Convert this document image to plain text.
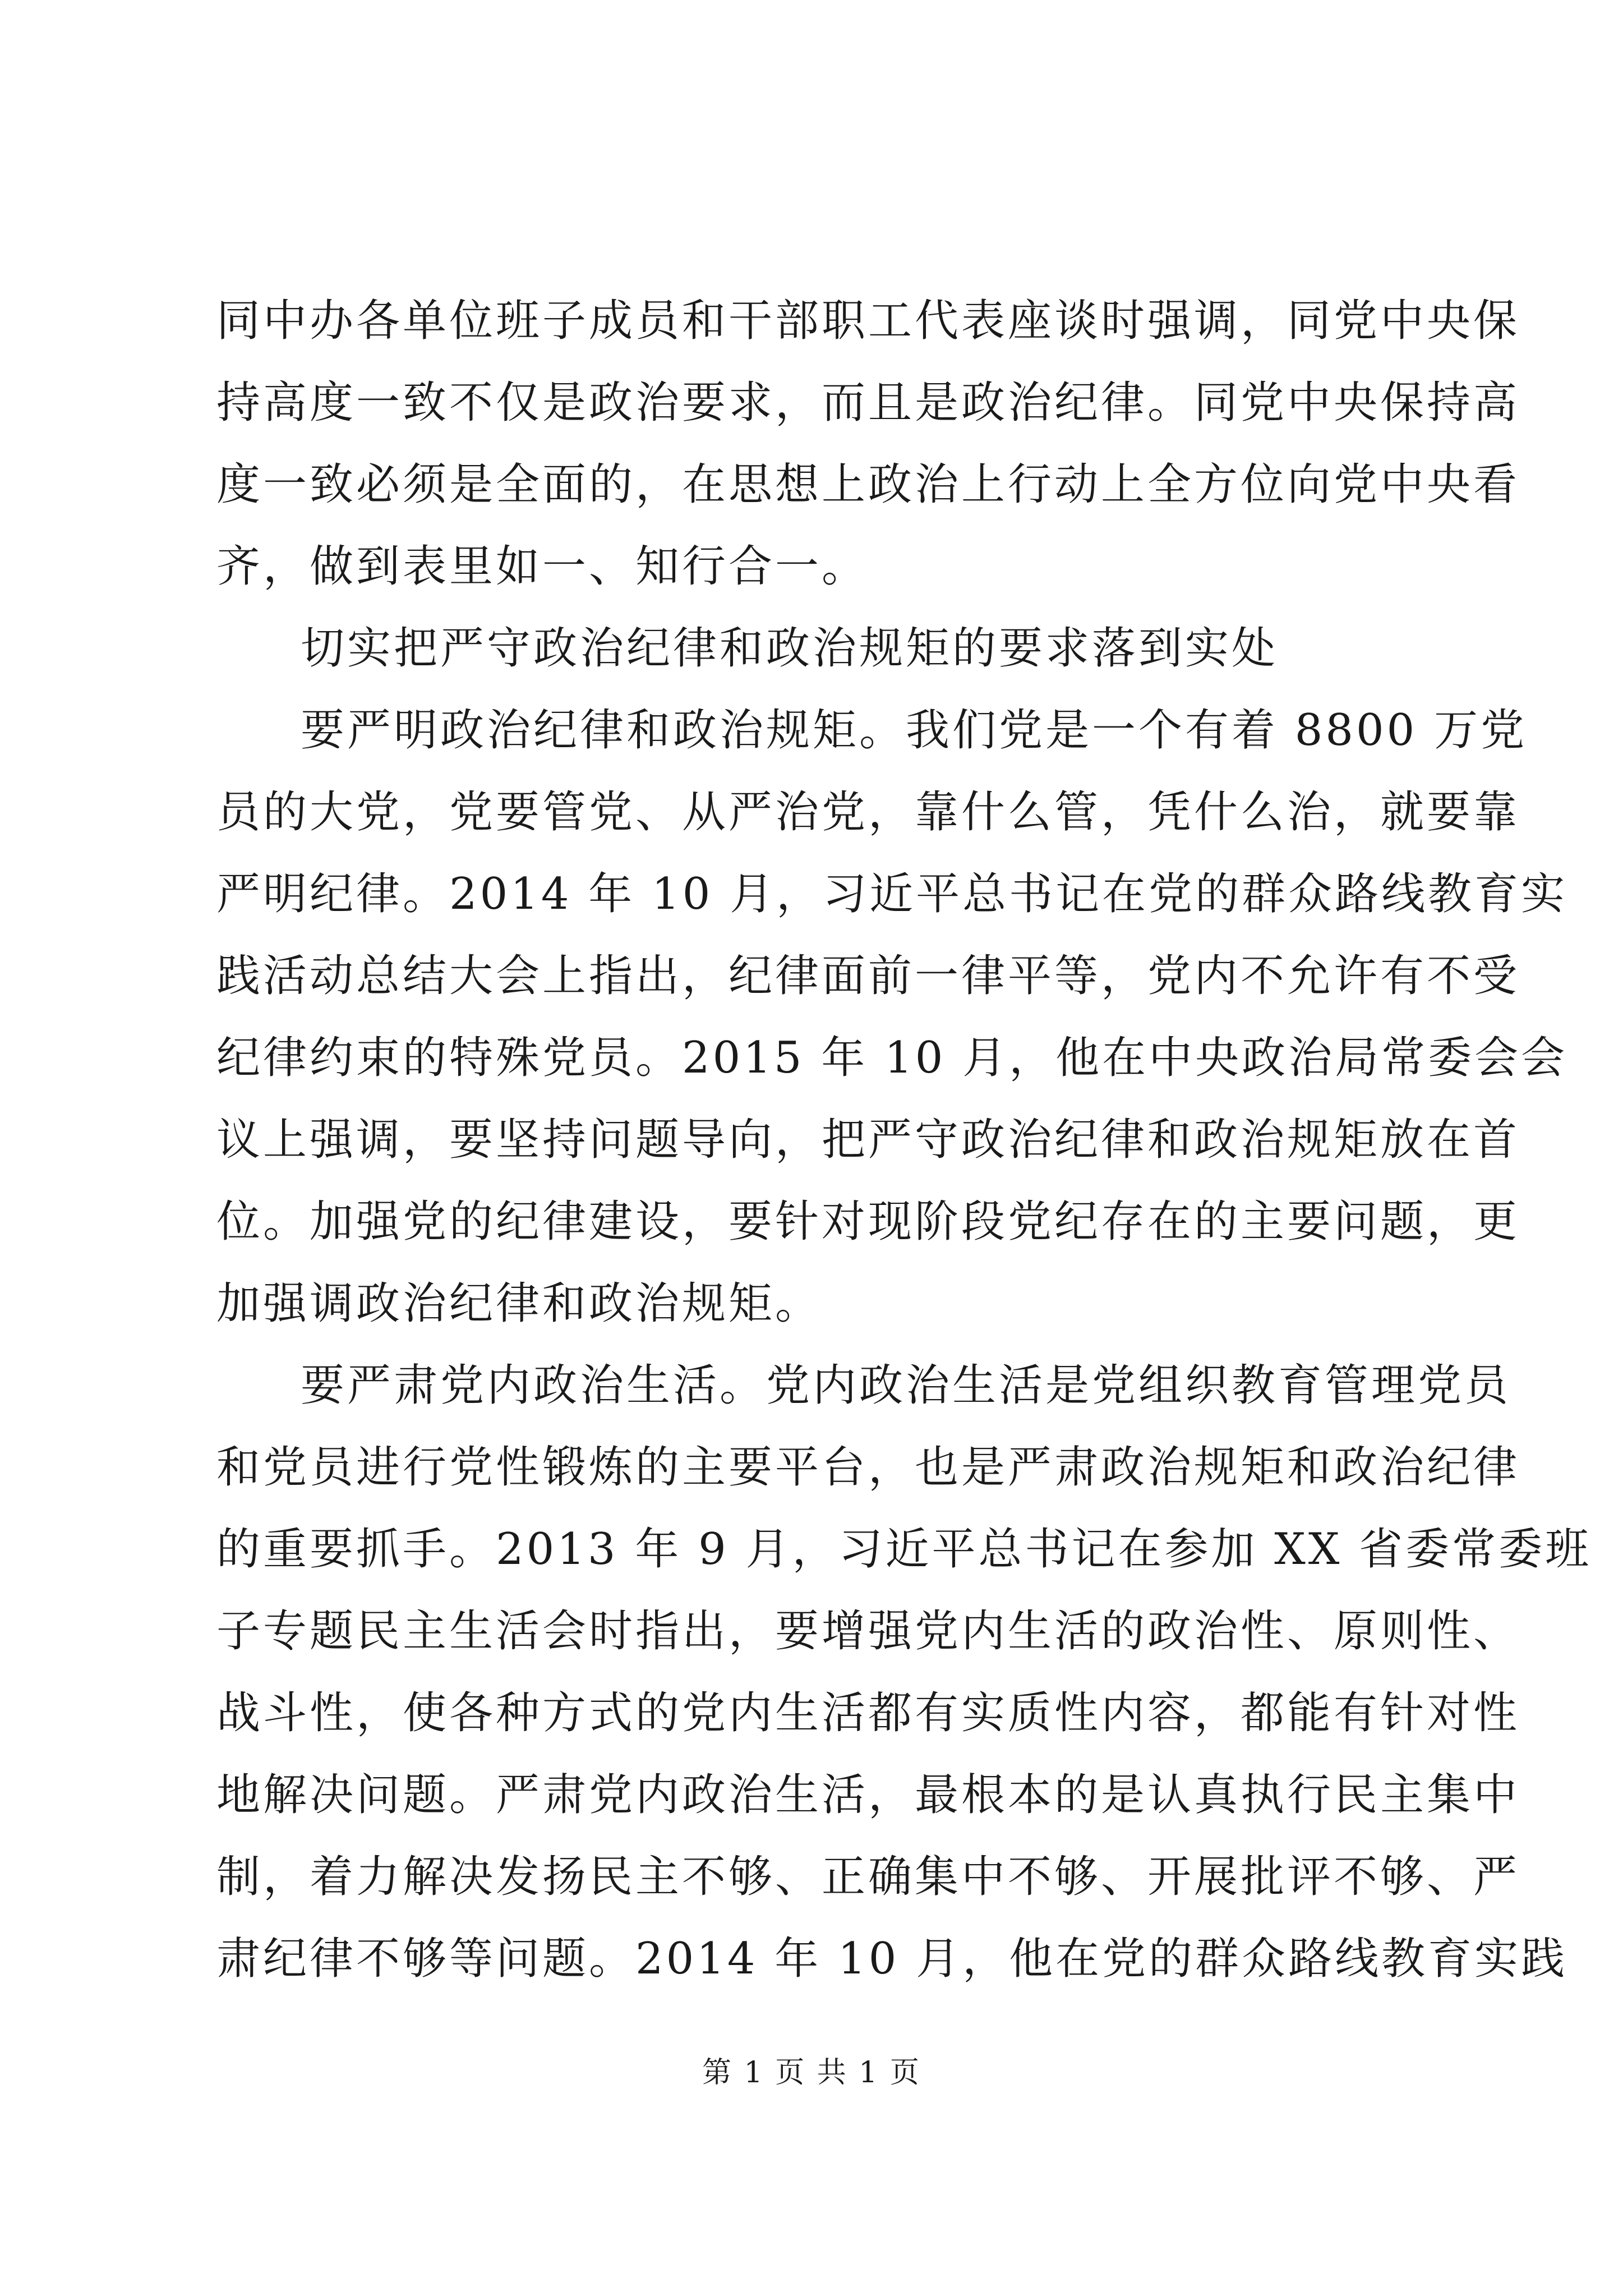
同中办各单位班子成员和干部职工代表座谈时强调，同党中央保
持高度一致不仅是政治要求，而且是政治纪律。同党中央保持高
度一致必须是全面的，在思想上政治上行动上全方位向党中央看
齐，做到表里如一、知行合一。
切实把严守政治纪律和政治规矩的要求落到实处
要严明政治纪律和政治规矩。我们党是一个有着 8800 万党
员的大党，党要管党、从严治党，靠什么管，凭什么治，就要靠
严明纪律。2014 年 10 月，习近平总书记在党的群众路线教育实
践活动总结大会上指出，纪律面前一律平等，党内不允许有不受
纪律约束的特殊党员。2015 年 10 月，他在中央政治局常委会会
议上强调，要坚持问题导向，把严守政治纪律和政治规矩放在首
位。加强党的纪律建设，要针对现阶段党纪存在的主要问题，更
加强调政治纪律和政治规矩。
要严肃党内政治生活。党内政治生活是党组织教育管理党员
和党员进行党性锻炼的主要平台，也是严肃政治规矩和政治纪律
的重要抓手。2013 年 9 月，习近平总书记在参加 XX 省委常委班
子专题民主生活会时指出，要增强党内生活的政治性、原则性、
战斗性，使各种方式的党内生活都有实质性内容，都能有针对性
地解决问题。严肃党内政治生活，最根本的是认真执行民主集中
制，着力解决发扬民主不够、正确集中不够、开展批评不够、严
肃纪律不够等问题。2014 年 10 月，他在党的群众路线教育实践
第 1 页 共 1 页
